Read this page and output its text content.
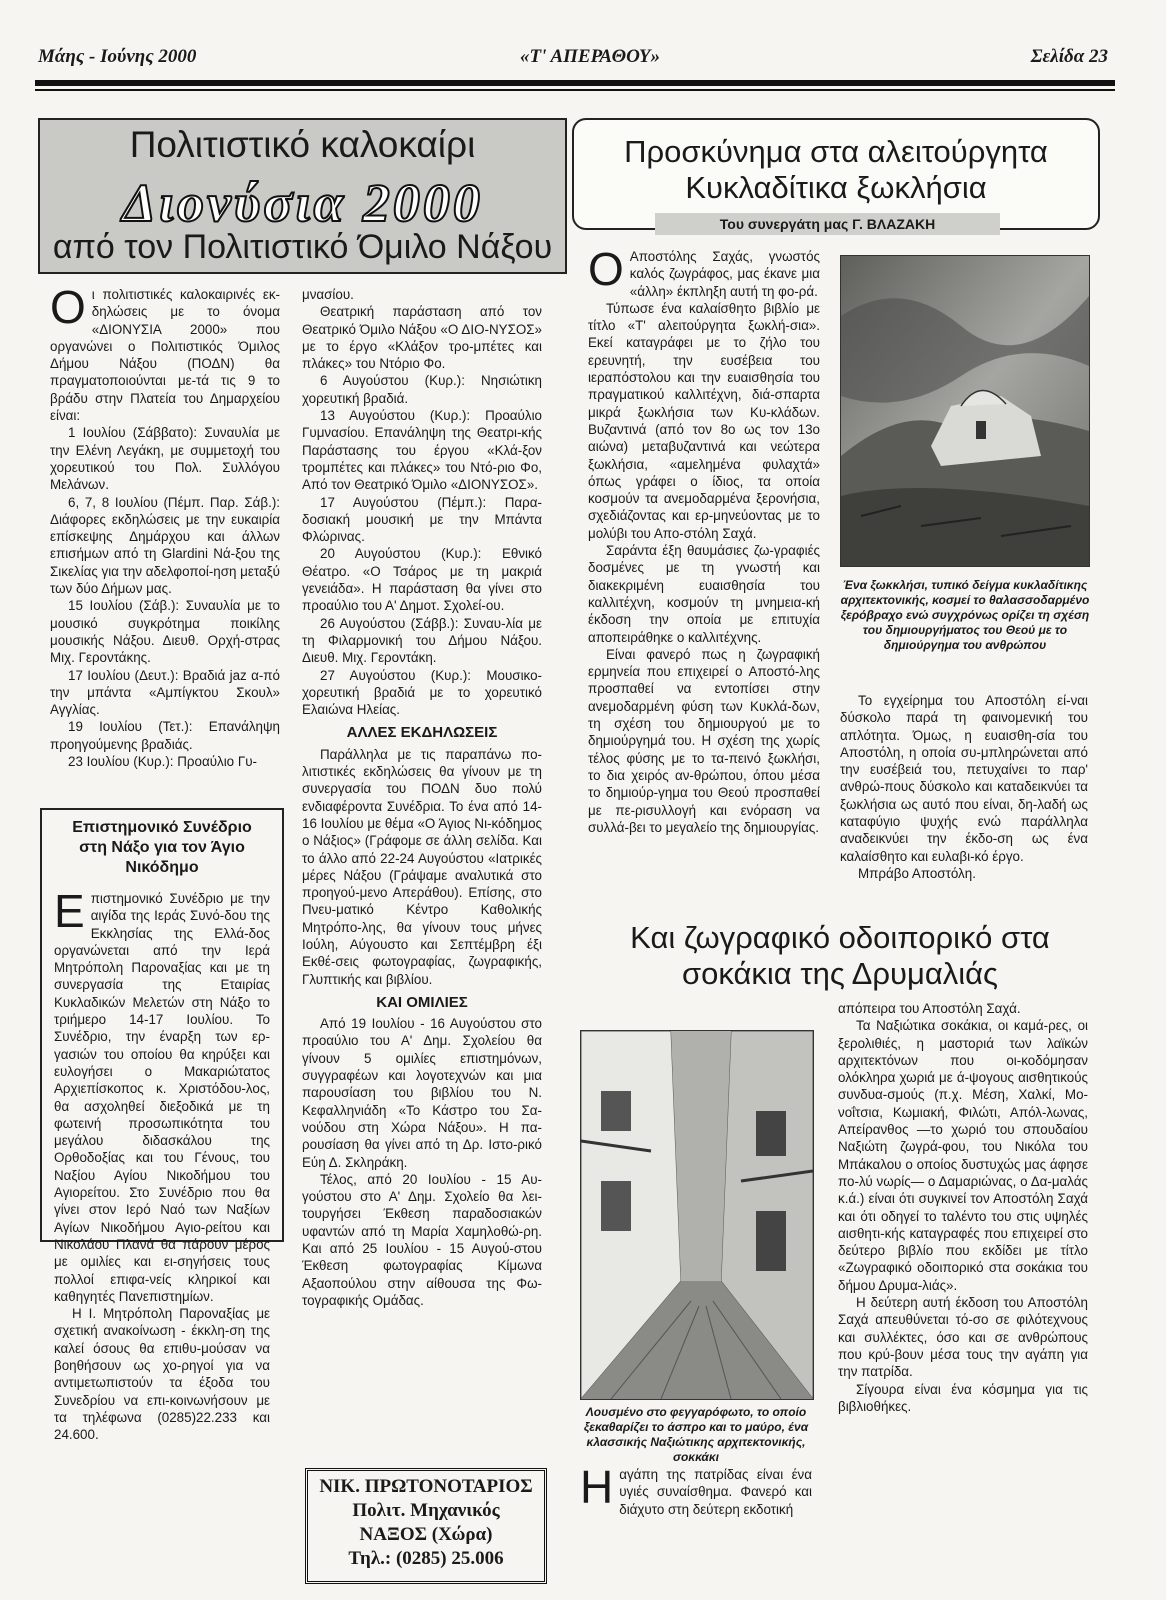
Μάης - Ιούνης 2000	«Τ' ΑΠΕΡΑΘΟΥ»	Σελίδα 23
Πολιτιστικό καλοκαίρι
Διονύσια 2000
από τον Πολιτιστικό Όμιλο Νάξου

Οι πολιτιστικές καλοκαιρινές εκ-δηλώσεις με το όνομα «ΔΙΟΝΥΣΙΑ 2000» που οργανώνει ο Πολιτιστικός Όμιλος Δήμου Νάξου (ΠΟΔΝ) θα πραγματοποιούνται με-τά τις 9 το βράδυ στην Πλατεία του Δημαρχείου είναι:

1 Ιουλίου (Σάββατο): Συναυλία με την Ελένη Λεγάκη, με συμμετοχή του χορευτικού του Πολ. Συλλόγου Μελάνων.

6, 7, 8 Ιουλίου (Πέμπ. Παρ. Σάβ.): Διάφορες εκδηλώσεις με την ευκαιρία επίσκεψης Δημάρχου και άλλων επισήμων από τη Glardini Νά-ξου της Σικελίας για την αδελφοποί-ηση μεταξύ των δύο Δήμων μας.

15 Ιουλίου (Σάβ.): Συναυλία με το μουσικό συγκρότημα ποικίλης μουσικής Νάξου. Διευθ. Ορχή-στρας Μιχ. Γεροντάκης.

17 Ιουλίου (Δευτ.): Βραδιά jaz α-πό την μπάντα «Αμπίγκτου Σκουλ» Αγγλίας.

19 Ιουλίου (Τετ.): Επανάληψη προηγούμενης βραδιάς.

23 Ιουλίου (Κυρ.): Προαύλιο Γυ-

μνασίου.

Θεατρική παράσταση από τον Θεατρικό Όμιλο Νάξου «Ο ΔΙΟ-ΝΥΣΟΣ» με το έργο «Κλάξον τρο-μπέτες και πλάκες» του Ντόριο Φο.

6 Αυγούστου (Κυρ.): Νησιώτικη χορευτική βραδιά.

13 Αυγούστου (Κυρ.): Προαύλιο Γυμνασίου. Επανάληψη της Θεατρι-κής Παράστασης του έργου «Κλά-ξον τρομπέτες και πλάκες» του Ντό-ριο Φο, Από τον Θεατρικό Όμιλο «ΔΙΟΝΥΣΟΣ».

17 Αυγούστου (Πέμπ.): Παρα-δοσιακή μουσική με την Μπάντα Φλώρινας.

20 Αυγούστου (Κυρ.): Εθνικό Θέατρο. «Ο Τσάρος με τη μακριά γενειάδα». Η παράσταση θα γίνει στο προαύλιο του Α' Δημοτ. Σχολεί-ου.

26 Αυγούστου (Σάββ.): Συναυ-λία με τη Φιλαρμονική του Δήμου Νάξου. Διευθ. Μιχ. Γεροντάκη.

27 Αυγούστου (Κυρ.): Μουσικο-χορευτική βραδιά με το χορευτικό Ελαιώνα Ηλείας.

ΑΛΛΕΣ ΕΚΔΗΛΩΣΕΙΣ

Παράλληλα με τις παραπάνω πο-λιτιστικές εκδηλώσεις θα γίνουν με τη συνεργασία του ΠΟΔΝ δυο πολύ ενδιαφέροντα Συνέδρια. Το ένα από 14-16 Ιουλίου με θέμα «Ο Άγιος Νι-κόδημος ο Νάξιος» (Γράφομε σε άλλη σελίδα. Και το άλλο από 22-24 Αυγούστου «Ιατρικές μέρες Νάξου (Γράψαμε αναλυτικά στο προηγού-μενο Απεράθου). Επίσης, στο Πνευ-ματικό Κέντρο Καθολικής Μητρόπο-λης, θα γίνουν τους μήνες Ιούλη, Αύγουστο και Σεπτέμβρη έξι Εκθέ-σεις φωτογραφίας, ζωγραφικής, Γλυπτικής και βιβλίου.

ΚΑΙ ΟΜΙΛΙΕΣ

Από 19 Ιουλίου - 16 Αυγούστου στο προαύλιο του Α' Δημ. Σχολείου θα γίνουν 5 ομιλίες επιστημόνων, συγγραφέων και λογοτεχνών και μια παρουσίαση του βιβλίου του Ν. Κεφαλληνιάδη «Το Κάστρο του Σα-νούδου στη Χώρα Νάξου». Η πα-ρουσίαση θα γίνει από τη Δρ. Ιστο-ρικό Εύη Δ. Σκληράκη.

Τέλος, από 20 Ιουλίου - 15 Αυ-γούστου στο Α' Δημ. Σχολείο θα λει-τουργήσει Έκθεση παραδοσιακών υφαντών από τη Μαρία Χαμηλοθώ-ρη. Και από 25 Ιουλίου - 15 Αυγού-στου Έκθεση φωτογραφίας Κίμωνα Αξαοπούλου στην αίθουσα της Φω-τογραφικής Ομάδας.

Επιστημονικό Συνέδριο στη Νάξο για τον Άγιο Νικόδημο

Επιστημονικό Συνέδριο με την αιγίδα της Ιεράς Συνό-δου της Εκκλησίας της Ελλά-δος οργανώνεται από την Ιερά Μητρόπολη Παροναξίας και με τη συνεργασία της Εταιρίας Κυκλαδικών Μελετών στη Νάξο το τριήμερο 14-17 Ιουλίου. Το Συνέδριο, την έναρξη των ερ-γασιών του οποίου θα κηρύξει και ευλογήσει ο Μακαριώτατος Αρχιεπίσκοπος κ. Χριστόδου-λος, θα ασχοληθεί διεξοδικά με τη φωτεινή προσωπικότητα του μεγάλου διδασκάλου της Ορθοδοξίας και του Γένους, του Ναξίου Αγίου Νικοδήμου του Αγιορείτου. Στο Συνέδριο που θα γίνει στον Ιερό Ναό των Ναξίων Αγίων Νικοδήμου Αγιο-ρείτου και Νικολάου Πλανά θα πάρουν μέρος με ομιλίες και ει-σηγήσεις τους πολλοί επιφα-νείς κληρικοί και καθηγητές Πανεπιστημίων.

Η Ι. Μητρόπολη Παροναξίας με σχετική ανακοίνωση - έκκλη-ση της καλεί όσους θα επιθυ-μούσαν να βοηθήσουν ως χο-ρηγοί για να αντιμετωπιστούν τα έξοδα του Συνεδρίου να επι-κοινωνήσουν με τα τηλέφωνα (0285)22.233 και 24.600.

ΝΙΚ. ΠΡΩΤΟΝΟΤΑΡΙΟΣ
Πολιτ. Μηχανικός
ΝΑΞΟΣ (Χώρα)
Τηλ.: (0285) 25.006
Προσκύνημα στα αλειτούργητα Κυκλαδίτικα ξωκλήσια
Του συνεργάτη μας Γ. ΒΛΑΖΑΚΗ

Ο Αποστόλης Σαχάς, γνωστός καλός ζωγράφος, μας έκανε μια «άλλη» έκπληξη αυτή τη φο-ρά.

Τύπωσε ένα καλαίσθητο βιβλίο με τίτλο «Τ' αλειτούργητα ξωκλή-σια». Εκεί καταγράφει με το ζήλο του ερευνητή, την ευσέβεια του ιεραπόστολου και την ευαισθησία του πραγματικού καλλιτέχνη, διά-σπαρτα μικρά ξωκλήσια των Κυ-κλάδων. Βυζαντινά (από τον 8ο ως τον 13ο αιώνα) μεταβυζαντινά και νεώτερα ξωκλήσια, «αμελημένα φυλαχτά» όπως γράφει ο ίδιος, τα οποία κοσμούν τα ανεμοδαρμένα ξερονήσια, σχεδιάζοντας και ερ-μηνεύοντας με το μολύβι του Απο-στόλη Σαχά.

Σαράντα έξη θαυμάσιες ζω-γραφιές δοσμένες με τη γνωστή και διακεκριμένη ευαισθησία του καλλιτέχνη, κοσμούν τη μνημεια-κή έκδοση την οποία με επιτυχία αποπειράθηκε ο καλλιτέχνης.

Είναι φανερό πως η ζωγραφική ερμηνεία που επιχειρεί ο Αποστό-λης προσπαθεί να εντοπίσει στην ανεμοδαρμένη φύση των Κυκλά-δων, τη σχέση του δημιουργού με το δημιούργημά του. Η σχέση της χωρίς τέλος φύσης με το τα-πεινό ξωκλήσι, το δια χειρός αν-θρώπου, όπου μέσα το δημιούρ-γημα του Θεού προσπαθεί με πε-ρισυλλογή και ενόραση να συλλά-βει το μεγαλείο της δημιουργίας.

Ένα ξωκκλήσι, τυπικό δείγμα κυκλαδίτικης αρχιτεκτονικής, κοσμεί το θαλασσοδαρμένο ξερόβραχο ενώ συγχρόνως ορίζει τη σχέση του δημιουργήματος του Θεού με το δημιούργημα του ανθρώπου

Το εγχείρημα του Αποστόλη εί-ναι δύσκολο παρά τη φαινομενική του απλότητα. Όμως, η ευαισθη-σία του Αποστόλη, η οποία συ-μπληρώνεται από την ευσέβειά του, πετυχαίνει το παρ' ανθρώ-πους δύσκολο και καταδεικνύει τα ξωκλήσια ως αυτό που είναι, δη-λαδή ως καταφύγιο ψυχής ενώ παράλληλα αναδεικνύει την έκδο-ση ως ένα καλαίσθητο και ευλαβι-κό έργο.

Μπράβο Αποστόλη.

Και ζωγραφικό οδοιπορικό στα σοκάκια της Δρυμαλιάς
Λουσμένο στο φεγγαρόφωτο, το οποίο ξεκαθαρίζει το άσπρο και το μαύρο, ένα κλασσικής Ναξιώτικης αρχιτεκτονικής, σοκκάκι

Ηαγάπη της πατρίδας είναι ένα υγιές συναίσθημα. Φανερό και διάχυτο στη δεύτερη εκδοτική

απόπειρα του Αποστόλη Σαχά.

Τα Ναξιώτικα σοκάκια, οι καμά-ρες, οι ξερολιθιές, η μαστοριά των λαϊκών αρχιτεκτόνων που οι-κοδόμησαν ολόκληρα χωριά με ά-ψογους αισθητικούς συνδυα-σμούς (π.χ. Μέση, Χαλκί, Μο-νοΐτσια, Κωμιακή, Φιλώτι, Απόλ-λωνας, Απείρανθος —το χωριό του σπουδαίου Ναξιώτη ζωγρά-φου, του Νικόλα του Μπάκαλου ο οποίος δυστυχώς μας άφησε πο-λύ νωρίς— ο Δαμαριώνας, ο Δα-μαλάς κ.ά.) είναι ότι συγκινεί τον Αποστόλη Σαχά και ότι οδηγεί το ταλέντο του στις υψηλές αισθητι-κής καταγραφές που επιχειρεί στο δεύτερο βιβλίο που εκδίδει με τίτλο «Ζωγραφικό οδοιπορικό στα σοκάκια του δήμου Δρυμα-λιάς».

Η δεύτερη αυτή έκδοση του Αποστόλη Σαχά απευθύνεται τό-σο σε φιλότεχνους και συλλέκτες, όσο και σε ανθρώπους που κρύ-βουν μέσα τους την αγάπη για την πατρίδα.

Σίγουρα είναι ένα κόσμημα για τις βιβλιοθήκες.
